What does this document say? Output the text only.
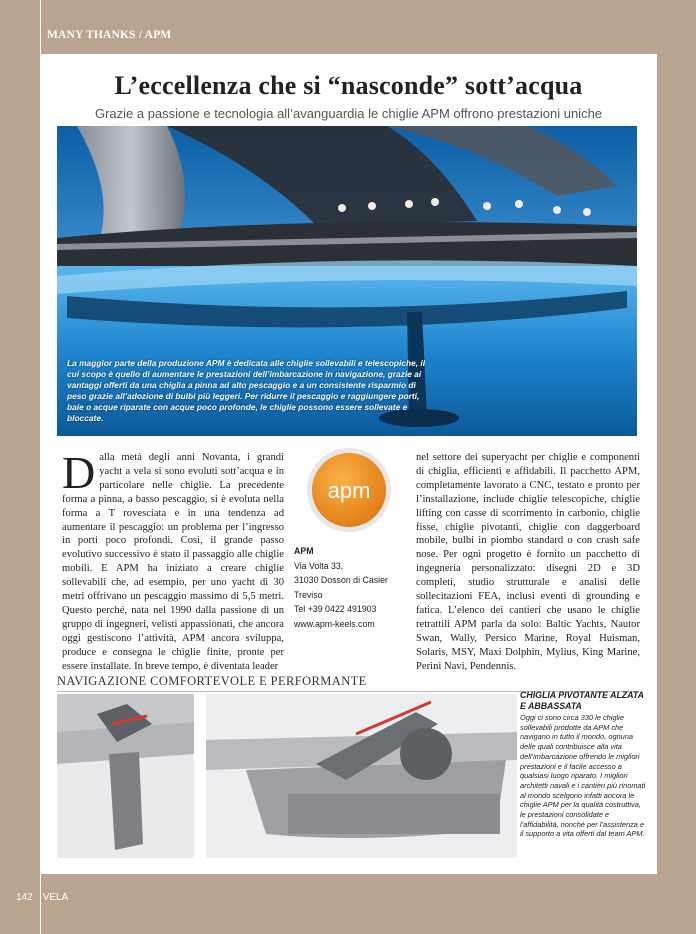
MANY THANKS / APM
L’eccellenza che si “nasconde” sott’acqua
Grazie a passione e tecnologia all’avanguardia le chiglie APM offrono prestazioni uniche
La maggior parte della produzione APM è dedicata alle chiglie sollevabili e telescopiche, il cui scopo è quello di aumentare le prestazioni dell’imbarcazione in navigazione, grazie ai vantaggi offerti da una chiglia a pinna ad alto pescaggio e a un consistente risparmio di peso grazie all’adozione di bulbi più leggeri. Per ridurre il pescaggio e raggiungere porti, baie o acque riparate con acque poco profonde, le chiglie possono essere sollevate e bloccate.
D alla metà degli anni Novanta, i grandi yacht a vela si sono evoluti sott’acqua e in particolare nelle chiglie. La precedente forma a pinna, a basso pescaggio, si è evoluta nella forma a T rovesciata e in una tendenza ad aumentare il pescaggio: un problema per l’ingresso in porti poco profondi. Così, il grande passo evolutivo successivo è stato il passaggio alle chiglie mobili. E APM ha iniziato a creare chiglie sollevabili che, ad esempio, per uno yacht di 30 metri offrivano un pescaggio massimo di 5,5 metri. Questo perché, nata nel 1990 dalla passione di un gruppo di ingegneri, velisti appassionati, che ancora oggi gestiscono l’attività, APM ancora sviluppa, produce e consegna le chiglie finite, pronte per essere installate. In breve tempo, è diventata leader
apm
APM
Via Volta 33,
31030 Dosson di Casier
Treviso
Tel +39 0422 491903
www.apm-keels.com

nel settore dei superyacht per chiglie e componenti di chiglia, efficienti e affidabili. Il pacchetto APM, completamente lavorato a CNC, testato e pronto per l’installazione, include chiglie telescopiche, chiglie lifting con casse di scorrimento in carbonio, chiglie fisse, chiglie pivotanti, chiglie con daggerboard mobile, bulbi in piombo standard o con crash safe nose. Per ogni progetto è fornito un pacchetto di ingegneria personalizzato: disegni 2D e 3D completi, studio strutturale e analisi delle sollecitazioni FEA, inclusi eventi di grounding e fatica. L’elenco dei cantieri che usano le chiglie retrattili APM parla da solo: Baltic Yachts, Nautor Swan, Wally, Persico Marine, Royal Huisman, Solaris, MSY, Maxi Dolphin, Mylius, King Marine, Perini Navi, Pendennis.

NAVIGAZIONE COMFORTEVOLE E PERFORMANTE
CHIGLIA PIVOTANTE ALZATA E ABBASSATA
Oggi ci sono circa 330 le chiglie sollevabili prodotte da APM che navigano in tutto il mondo, ognuna delle quali contribuisce alla vita dell’imbarcazione offrendo le migliori prestazioni e il facile accesso a qualsiasi luogo riparato. I migliori architetti navali e i cantieri più rinomati al mondo scelgono infatti ancora le chiglie APM per la qualità costruttiva, le prestazioni consolidate e l’affidabilità, nonché per l’assistenza e il supporto a vita offerti dal team APM.
142 VELA
